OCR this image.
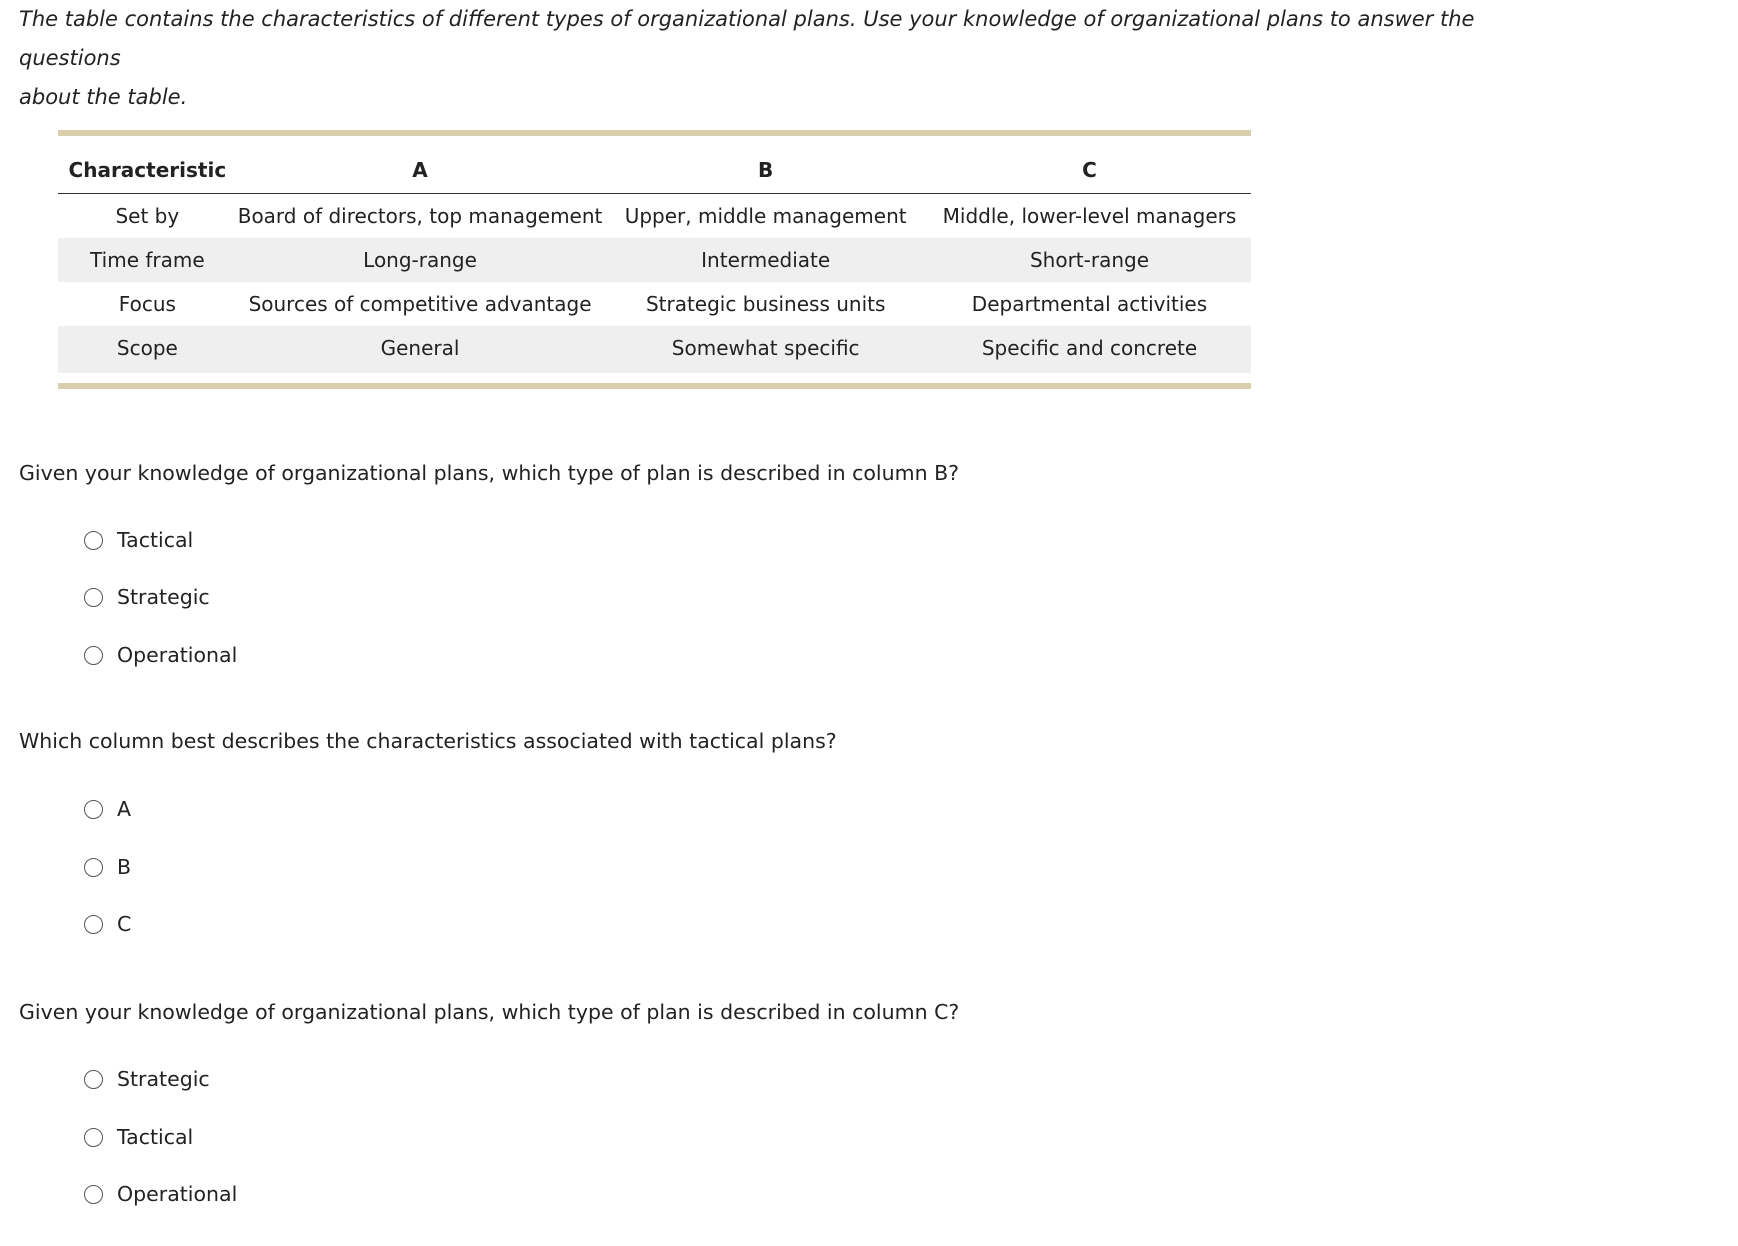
The table contains the characteristics of different types of organizational plans. Use your knowledge of organizational plans to answer the questions
about the table.
Characteristic	A	B	C
Set by	Board of directors, top management	Upper, middle management	Middle, lower-level managers
Time frame	Long-range	Intermediate	Short-range
Focus	Sources of competitive advantage	Strategic business units	Departmental activities
Scope	General	Somewhat specific	Specific and concrete
Given your knowledge of organizational plans, which type of plan is described in column B?
Tactical
Strategic
Operational
Which column best describes the characteristics associated with tactical plans?
A
B
C
Given your knowledge of organizational plans, which type of plan is described in column C?
Strategic
Tactical
Operational
